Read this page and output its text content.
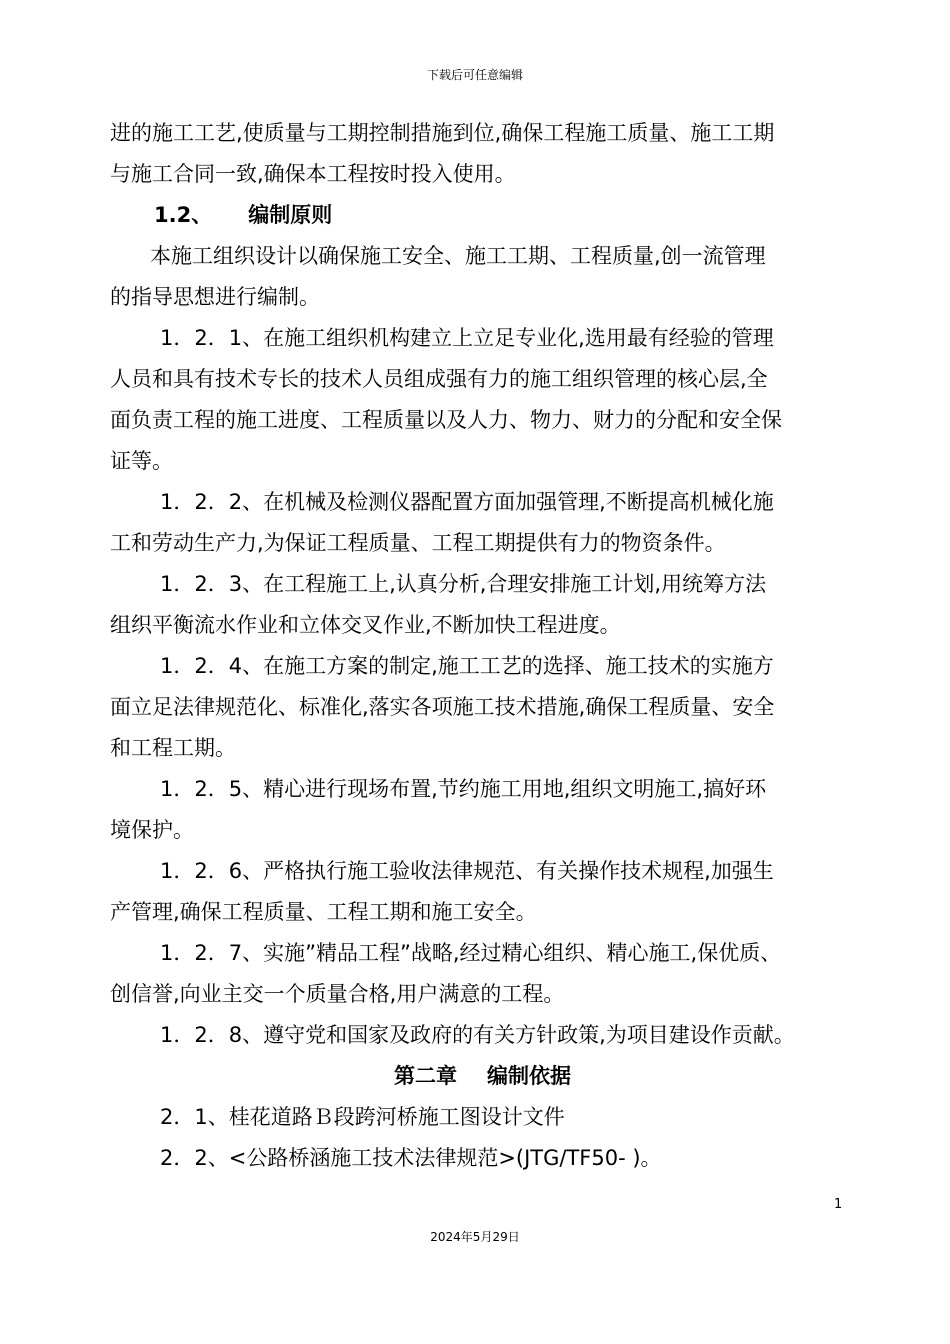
下载后可任意编辑

进的施工工艺,使质量与工期控制措施到位,确保工程施工质量、施工工期

与施工合同一致,确保本工程按时投入使用。

1.2、 编制原则

本施工组织设计以确保施工安全、施工工期、工程质量,创一流管理

的指导思想进行编制。

1．2．1、在施工组织机构建立上立足专业化,选用最有经验的管理

人员和具有技术专长的技术人员组成强有力的施工组织管理的核心层,全

面负责工程的施工进度、工程质量以及人力、物力、财力的分配和安全保

证等。

1．2．2、在机械及检测仪器配置方面加强管理,不断提高机械化施

工和劳动生产力,为保证工程质量、工程工期提供有力的物资条件。

1．2．3、在工程施工上,认真分析,合理安排施工计划,用统筹方法

组织平衡流水作业和立体交叉作业,不断加快工程进度。

1．2．4、在施工方案的制定,施工工艺的选择、施工技术的实施方

面立足法律规范化、标准化,落实各项施工技术措施,确保工程质量、安全

和工程工期。

1．2．5、精心进行现场布置,节约施工用地,组织文明施工,搞好环

境保护。

1．2．6、严格执行施工验收法律规范、有关操作技术规程,加强生

产管理,确保工程质量、工程工期和施工安全。

1．2．7、实施”精品工程”战略,经过精心组织、精心施工,保优质、

创信誉,向业主交一个质量合格,用户满意的工程。

1．2．8、遵守党和国家及政府的有关方针政策,为项目建设作贡献。

第二章 编制依据

2．1、桂花道路Ｂ段跨河桥施工图设计文件

2．2、<公路桥涵施工技术法律规范>(JTG/TF50- )。

1
2024年5月29日
